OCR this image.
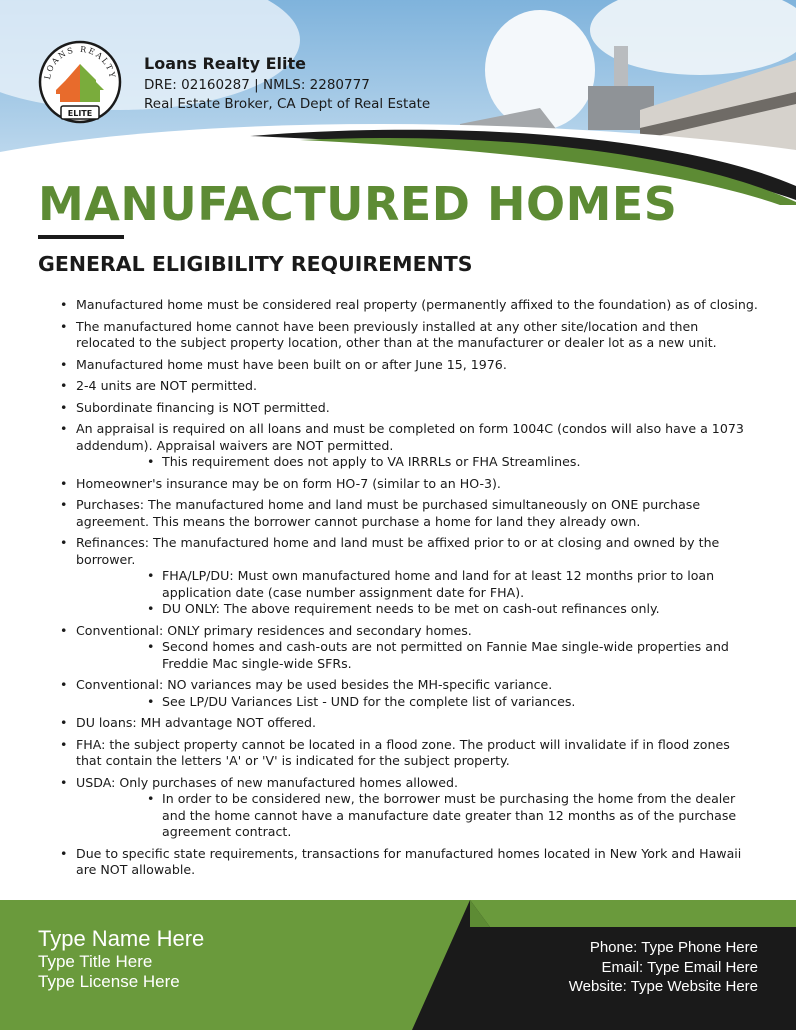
LOANS REALTY
ELITE
Loans Realty Elite
DRE: 02160287 | NMLS: 2280777
Real Estate Broker, CA Dept of Real Estate
MANUFACTURED HOMES
GENERAL ELIGIBILITY REQUIREMENTS
• Manufactured home must be considered real property (permanently affixed to the foundation) as of closing.
• The manufactured home cannot have been previously installed at any other site/location and then relocated to the subject property location, other than at the manufacturer or dealer lot as a new unit.
• Manufactured home must have been built on or after June 15, 1976.
• 2-4 units are NOT permitted.
• Subordinate financing is NOT permitted.
• An appraisal is required on all loans and must be completed on form 1004C (condos will also have a 1073 addendum). Appraisal waivers are NOT permitted.
• This requirement does not apply to VA IRRRLs or FHA Streamlines.
• Homeowner's insurance may be on form HO-7 (similar to an HO-3).
• Purchases: The manufactured home and land must be purchased simultaneously on ONE purchase agreement. This means the borrower cannot purchase a home for land they already own.
• Refinances: The manufactured home and land must be affixed prior to or at closing and owned by the borrower.
• FHA/LP/DU: Must own manufactured home and land for at least 12 months prior to loan application date (case number assignment date for FHA).
• DU ONLY: The above requirement needs to be met on cash-out refinances only.
• Conventional: ONLY primary residences and secondary homes.
• Second homes and cash-outs are not permitted on Fannie Mae single-wide properties and Freddie Mac single-wide SFRs.
• Conventional: NO variances may be used besides the MH-specific variance.
• See LP/DU Variances List - UND for the complete list of variances.
• DU loans: MH advantage NOT offered.
• FHA: the subject property cannot be located in a flood zone. The product will invalidate if in flood zones that contain the letters 'A' or 'V' is indicated for the subject property.
• USDA: Only purchases of new manufactured homes allowed.
• In order to be considered new, the borrower must be purchasing the home from the dealer and the home cannot have a manufacture date greater than 12 months as of the purchase agreement contract.
• Due to specific state requirements, transactions for manufactured homes located in New York and Hawaii are NOT allowable.
Type Name Here
Type Title Here
Type License Here
Phone: Type Phone Here
Email: Type Email Here
Website: Type Website Here
